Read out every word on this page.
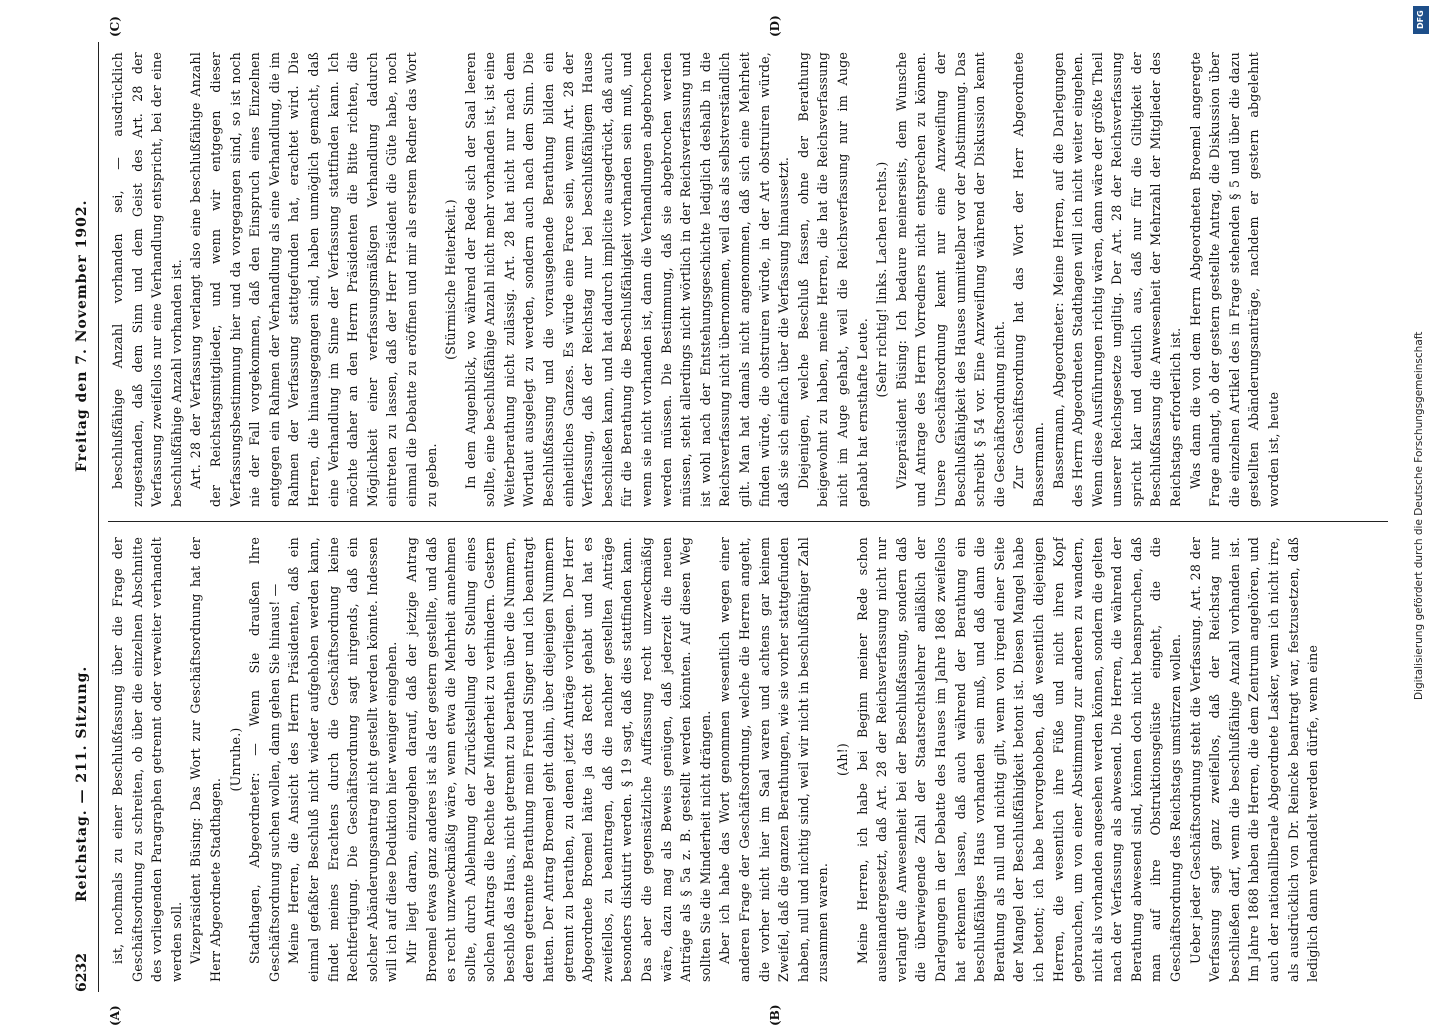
6232
Reichstag. — 211. Sitzung.
Freitag den 7. November 1902.
(A)	(B)
(C)	(D)

ist, nochmals zu einer Beschlußfassung über die Frage der Geschäftsordnung zu schreiten, ob über die einzelnen Abschnitte des vorliegenden Paragraphen getrennt oder verweiter verhandelt werden soll. Vizepräsident Büsing: Das Wort zur Geschäftsordnung hat der Herr Abgeordnete Stadthagen.

(Unruhe.) Stadthagen, Abgeordneter: — Wenn Sie draußen Ihre Geschäftsordnung suchen wollen, dann gehen Sie hinaus! — Meine Herren, die Ansicht des Herrn Präsidenten, daß ein einmal gefaßter Beschluß nicht wieder aufgehoben werden kann, findet meines Erachtens durch die Geschäftsordnung keine Rechtfertigung. Die Geschäftsordnung sagt nirgends, daß ein solcher Abänderungsantrag nicht gestellt werden könnte. Indessen will ich auf diese Deduktion hier weniger eingehen. Mir liegt daran, einzugehen darauf, daß der jetzige Antrag Broemel etwas ganz anderes ist als der gestern gestellte, und daß es recht unzweckmäßig wäre, wenn etwa die Mehrheit annehmen sollte, durch Ablehnung der Zurückstellung der Stellung eines solchen Antrags die Rechte der Minderheit zu verhindern. Gestern beschloß das Haus, nicht getrennt zu berathen über die Nummern, deren getrennte Berathung mein Freund Singer und ich beantragt hatten. Der Antrag Broemel geht dahin, über diejenigen Nummern getrennt zu berathen, zu denen jetzt Anträge vorliegen. Der Herr Abgeordnete Broemel hätte ja das Recht gehabt und hat es zweifellos, zu beantragen, daß die nachher gestellten Anträge besonders diskutirt werden. § 19 sagt, daß dies stattfinden kann. Das aber die gegensätzliche Auffassung recht unzweckmäßig wäre, dazu mag als Beweis genügen, daß jederzeit die neuen Anträge als § 5a z. B. gestellt werden könnten. Auf diesen Weg sollten Sie die Minderheit nicht drängen. Aber ich habe das Wort genommen wesentlich wegen einer anderen Frage der Geschäftsordnung, welche die Herren angeht, die vorher nicht hier im Saal waren und achtens gar keinem Zweifel, daß die ganzen Berathungen, wie sie vorher stattgefunden haben, null und nichtig sind, weil wir nicht in beschlußfähiger Zahl zusammen waren.

(Ah!) Meine Herren, ich habe bei Beginn meiner Rede schon auseinandergesetzt, daß Art. 28 der Reichsverfassung nicht nur verlangt die Anwesenheit bei der Beschlußfassung, sondern daß die überwiegende Zahl der Staatsrechtslehrer anläßlich der Darlegungen in der Debatte des Hauses im Jahre 1868 zweifellos hat erkennen lassen, daß auch während der Berathung ein beschlußfähiges Haus vorhanden sein muß, und daß dann die Berathung als null und nichtig gilt, wenn von irgend einer Seite der Mangel der Beschlußfähigkeit betont ist. Diesen Mangel habe ich betont; ich habe hervorgehoben, daß wesentlich diejenigen Herren, die wesentlich ihre Füße und nicht ihren Kopf gebrauchen, um von einer Abstimmung zur anderen zu wandern, nicht als vorhanden angesehen werden können, sondern die gelten nach der Verfassung als abwesend. Die Herren, die während der Berathung abwesend sind, können doch nicht beanspruchen, daß man auf ihre Obstruktionsgelüste eingeht, die die Geschäftsordnung des Reichstags umstürzen wollen. Ueber jeder Geschäftsordnung steht die Verfassung. Art. 28 der Verfassung sagt ganz zweifellos, daß der Reichstag nur beschließen darf, wenn die beschlußfähige Anzahl vorhanden ist. Im Jahre 1868 haben die Herren, die dem Zentrum angehören, und auch der nationalliberale Abgeordnete Lasker, wenn ich nicht irre, als ausdrücklich von Dr. Reincke beantragt war, festzusetzen, daß lediglich dann verhandelt werden dürfe, wenn eine

beschlußfähige Anzahl vorhanden sei, — ausdrücklich zugestanden, daß dem Sinn und dem Geist des Art. 28 der Verfassung zweifellos nur eine Verhandlung entspricht, bei der eine beschlußfähige Anzahl vorhanden ist. Art. 28 der Verfassung verlangt also eine beschlußfähige Anzahl der Reichstagsmitglieder, und wenn wir entgegen dieser Verfassungsbestimmung hier und da vorgegangen sind, so ist noch nie der Fall vorgekommen, daß den Einspruch eines Einzelnen entgegen ein Rahmen der Verhandlung als eine Verhandlung, die im Rahmen der Verfassung stattgefunden hat, erachtet wird. Die Herren, die hinausgegangen sind, haben unmöglich gemacht, daß eine Verhandlung im Sinne der Verfassung stattfinden kann. Ich möchte daher an den Herrn Präsidenten die Bitte richten, die Möglichkeit einer verfassungsmäßigen Verhandlung dadurch eintreten zu lassen, daß der Herr Präsident die Güte habe, noch einmal die Debatte zu eröffnen und mir als erstem Redner das Wort zu geben.

(Stürmische Heiterkeit.) In dem Augenblick, wo während der Rede sich der Saal leeren sollte, eine beschlußfähige Anzahl nicht mehr vorhanden ist, ist eine Weiterberathung nicht zulässig. Art. 28 hat nicht nur nach dem Wortlaut ausgelegt zu werden, sondern auch nach dem Sinn. Die Beschlußfassung und die vorausgehende Berathung bilden ein einheitliches Ganzes. Es würde eine Farce sein, wenn Art. 28 der Verfassung, daß der Reichstag nur bei beschlußfähigem Hause beschließen kann, und hat dadurch implicite ausgedrückt, daß auch für die Berathung die Beschlußfähigkeit vorhanden sein muß, und wenn sie nicht vorhanden ist, dann die Verhandlungen abgebrochen werden müssen. Die Bestimmung, daß sie abgebrochen werden müssen, steht allerdings nicht wörtlich in der Reichsverfassung und ist wohl nach der Entstehungsgeschichte lediglich deshalb in die Reichsverfassung nicht übernommen, weil das als selbstverständlich gilt. Man hat damals nicht angenommen, daß sich eine Mehrheit finden würde, die obstruiren würde, in der Art obstruiren würde, daß sie sich einfach über die Verfassung hinaussetzt. Diejenigen, welche Beschluß fassen, ohne der Berathung beigewohnt zu haben, meine Herren, die hat die Reichsverfassung nicht im Auge gehabt, weil die Reichsverfassung nur im Auge gehabt hat ernsthafte Leute.

(Sehr richtig! links. Lachen rechts.) Vizepräsident Büsing: Ich bedaure meinerseits, dem Wunsche und Antrage des Herrn Vorredners nicht entsprechen zu können. Unsere Geschäftsordnung kennt nur eine Anzweiflung der Beschlußfähigkeit des Hauses unmittelbar vor der Abstimmung. Das schreibt § 54 vor. Eine Anzweiflung während der Diskussion kennt die Geschäftsordnung nicht. Zur Geschäftsordnung hat das Wort der Herr Abgeordnete Bassermann. Bassermann, Abgeordneter: Meine Herren, auf die Darlegungen des Herrn Abgeordneten Stadthagen will ich nicht weiter eingehen. Wenn diese Ausführungen richtig wären, dann wäre der größte Theil unserer Reichsgesetze ungiltig. Der Art. 28 der Reichsverfassung spricht klar und deutlich aus, daß nur für die Giltigkeit der Beschlußfassung die Anwesenheit der Mehrzahl der Mitglieder des Reichstags erforderlich ist. Was dann die von dem Herrn Abgeordneten Broemel angeregte Frage anlangt, ob der gestern gestellte Antrag, die Diskussion über die einzelnen Artikel des in Frage stehenden § 5 und über die dazu gestellten Abänderungsanträge, nachdem er gestern abgelehnt worden ist, heute

DFG
Digitalisierung gefördert durch die Deutsche Forschungsgemeinschaft
